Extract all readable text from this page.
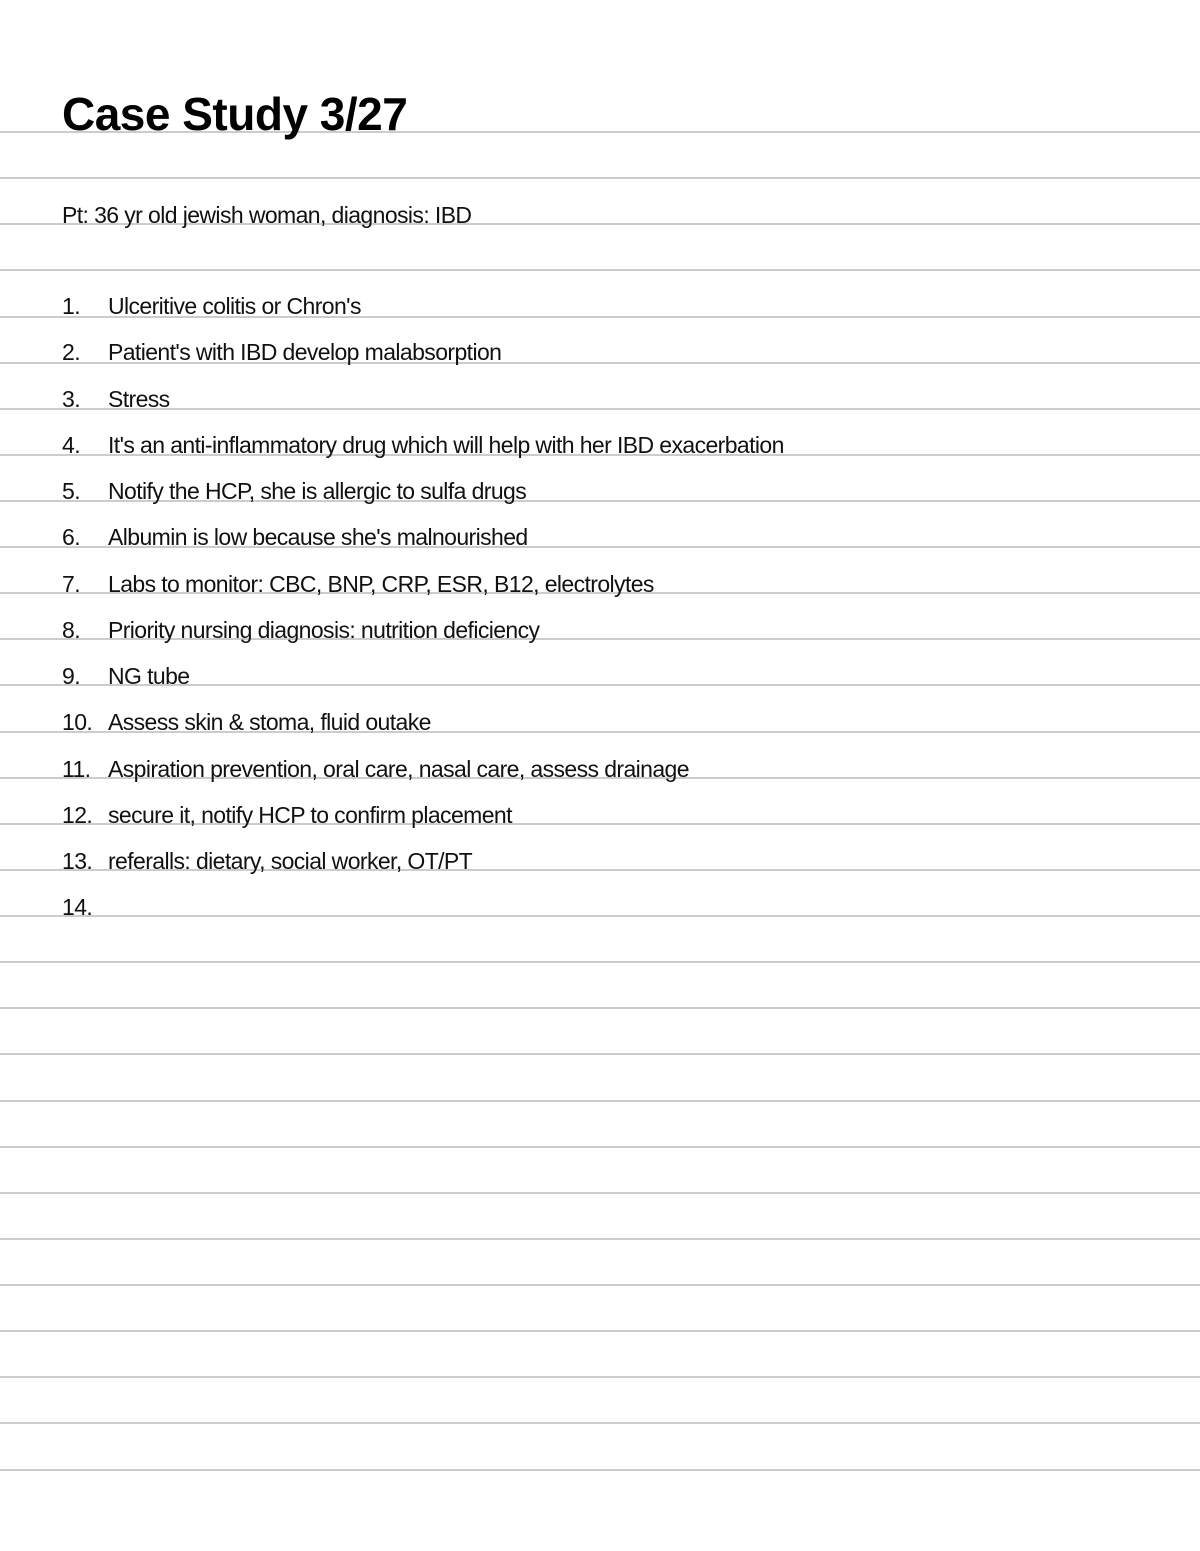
Case Study 3/27
Pt: 36 yr old jewish woman, diagnosis: IBD
1. Ulceritive colitis or Chron's
2. Patient's with IBD develop malabsorption
3. Stress
4. It's an anti-inflammatory drug which will help with her IBD exacerbation
5. Notify the HCP, she is allergic to sulfa drugs
6. Albumin is low because she's malnourished
7. Labs to monitor: CBC, BNP, CRP, ESR, B12, electrolytes
8. Priority nursing diagnosis: nutrition deficiency
9. NG tube
10. Assess skin & stoma, fluid outake
11. Aspiration prevention, oral care, nasal care, assess drainage
12. secure it, notify HCP to confirm placement
13. referalls: dietary, social worker, OT/PT
14.
